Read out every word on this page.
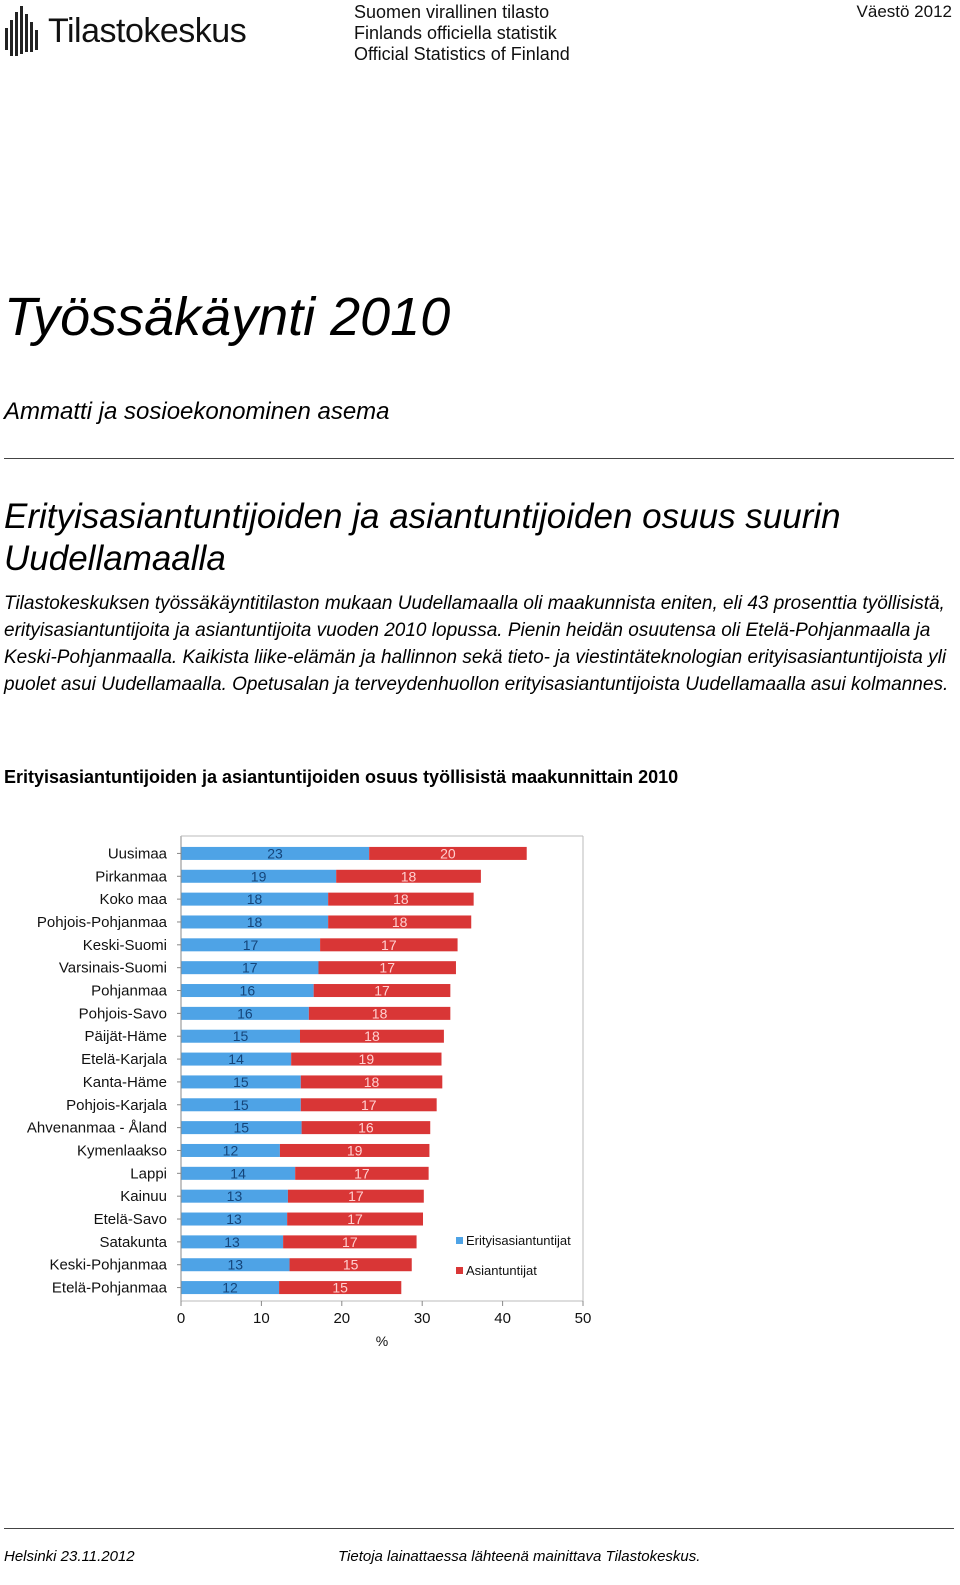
Tilastokeskus	Suomen virallinen tilasto
Finlands officiella statistik
Official Statistics of Finland
Väestö 2012
Työssäkäynti 2010
Ammatti ja sosioekonominen asema
Erityisasiantuntijoiden ja asiantuntijoiden osuus suurin Uudellamaalla
Tilastokeskuksen työssäkäyntitilaston mukaan Uudellamaalla oli maakunnista eniten, eli 43 prosenttia työllisistä, erityisasiantuntijoita ja asiantuntijoita vuoden 2010 lopussa. Pienin heidän osuutensa oli Etelä-Pohjanmaalla ja Keski-Pohjanmaalla. Kaikista liike-elämän ja hallinnon sekä tieto- ja viestintäteknologian erityisasiantuntijoista yli puolet asui Uudellamaalla. Opetusalan ja terveydenhuollon erityisasiantuntijoista Uudellamaalla asui kolmannes.
Erityisasiantuntijoiden ja asiantuntijoiden osuus työllisistä maakunnittain 2010
Uusimaa
Pirkanmaa
Koko maa
Pohjois-Pohjanmaa
Keski-Suomi
Varsinais-Suomi
Pohjanmaa
Pohjois-Savo
Päijät-Häme
Etelä-Karjala
Kanta-Häme
Pohjois-Karjala
Ahvenanmaa - Åland
Kymenlaakso
Lappi
Kainuu
Etelä-Savo
Satakunta
Keski-Pohjanmaa
Etelä-Pohjanmaa
23	20
19	18
18	18
18	18
17	17
17	17
16	17
16	18
15	18
14	19
15	18
15	17
15	16
12	19
14	17
13	17
13	17
13	17
13	15
12	15
0	10	20	30	40	50
%
Erityisasiantuntijat
Asiantuntijat
Helsinki 23.11.2012	Tietoja lainattaessa lähteenä mainittava Tilastokeskus.
